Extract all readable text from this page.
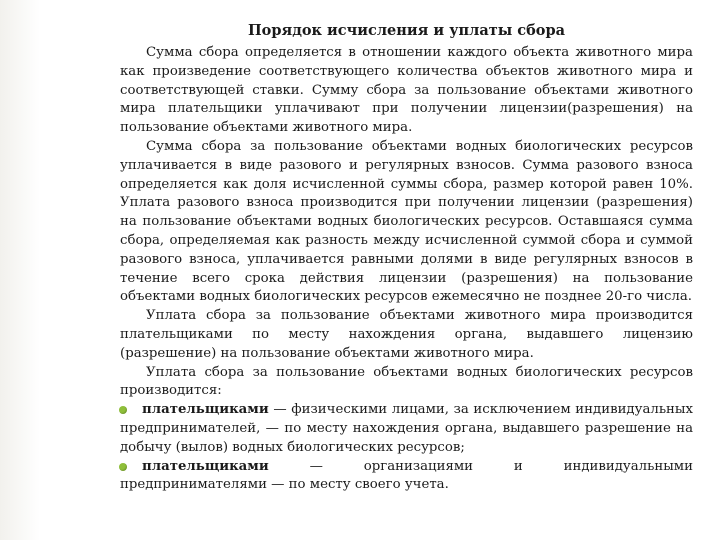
Порядок исчисления и уплаты сбора

Сумма сбора определяется в отношении каждого объекта животного мира как произведение соответствующего количества объектов животного мира и соответствующей ставки. Сумму сбора за пользование объектами животного мира плательщики уплачивают при получении лицензии(разрешения) на пользование объектами животного мира.

Сумма сбора за пользование объектами водных биологических ресурсов уплачивается в виде разового и регулярных взносов. Сумма разового взноса определяется как доля исчисленной суммы сбора, размер которой равен 10%. Уплата разового взноса производится при получении лицензии (разрешения) на пользование объектами водных биологических ресурсов. Оставшаяся сумма сбора, определяемая как разность между исчисленной суммой сбора и суммой разового взноса, уплачивается равными долями в виде регулярных взносов в течение всего срока действия лицензии (разрешения) на пользование объектами водных биологических ресурсов ежемесячно не позднее 20-го числа.

Уплата сбора за пользование объектами животного мира производится плательщиками по месту нахождения органа, выдавшего лицензию (разрешение) на пользование объектами животного мира.

Уплата сбора за пользование объектами водных биологических ресурсов производится:

плательщиками — физическими лицами, за исключением индивидуальных предпринимателей, — по месту нахождения органа, выдавшего разрешение на добычу (вылов) водных биологических ресурсов;
плательщиками — организациями и индивидуальными предпринимателями — по месту своего учета.
